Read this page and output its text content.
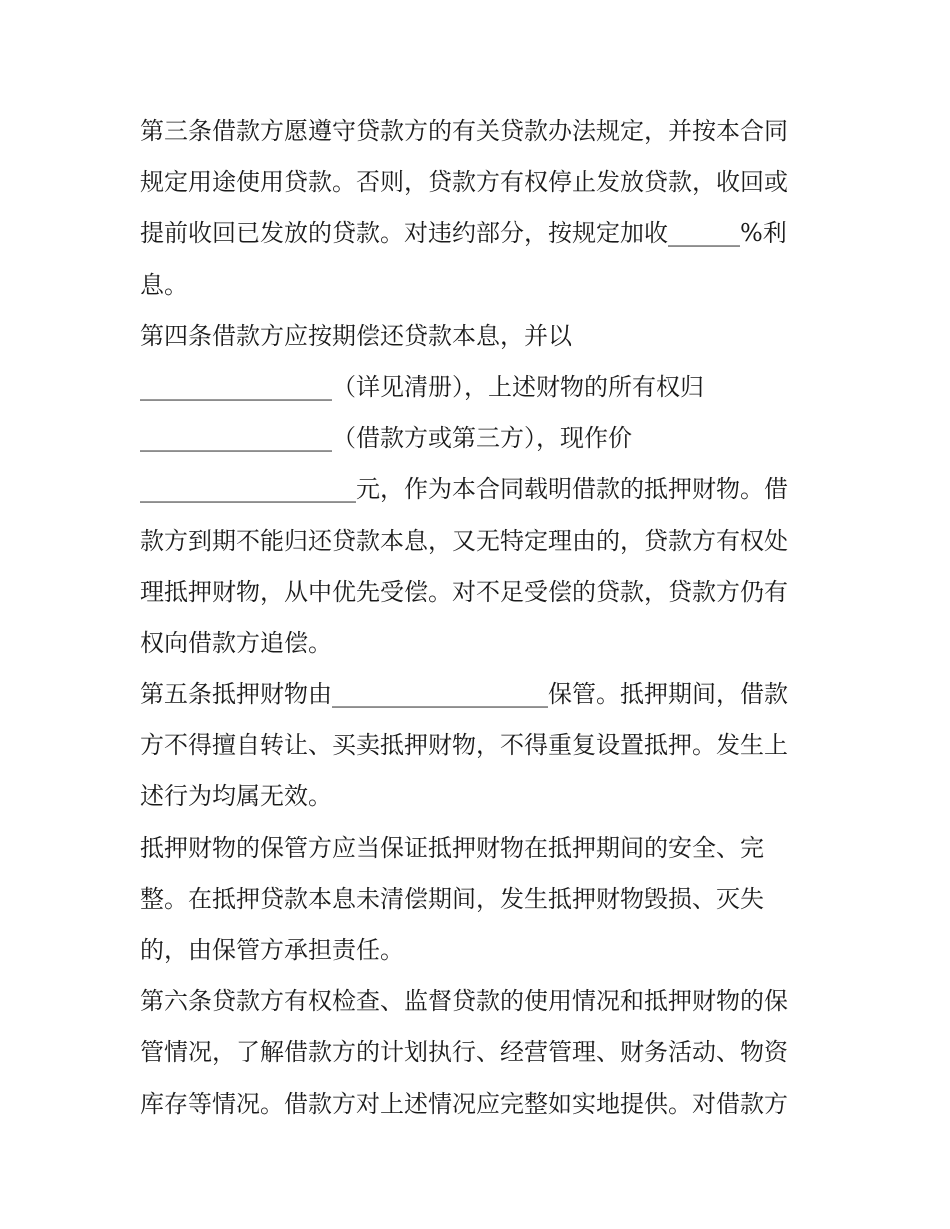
第三条借款方愿遵守贷款方的有关贷款办法规定，并按本合同
规定用途使用贷款。否则，贷款方有权停止发放贷款，收回或
提前收回已发放的贷款。对违约部分，按规定加收______%利
息。
第四条借款方应按期偿还贷款本息，并以
________________（详见清册），上述财物的所有权归
________________（借款方或第三方），现作价
__________________元，作为本合同载明借款的抵押财物。借
款方到期不能归还贷款本息，又无特定理由的，贷款方有权处
理抵押财物，从中优先受偿。对不足受偿的贷款，贷款方仍有
权向借款方追偿。
第五条抵押财物由__________________保管。抵押期间，借款
方不得擅自转让、买卖抵押财物，不得重复设置抵押。发生上
述行为均属无效。
抵押财物的保管方应当保证抵押财物在抵押期间的安全、完
整。在抵押贷款本息未清偿期间，发生抵押财物毁损、灭失
的，由保管方承担责任。
第六条贷款方有权检查、监督贷款的使用情况和抵押财物的保
管情况，了解借款方的计划执行、经营管理、财务活动、物资
库存等情况。借款方对上述情况应完整如实地提供。对借款方
